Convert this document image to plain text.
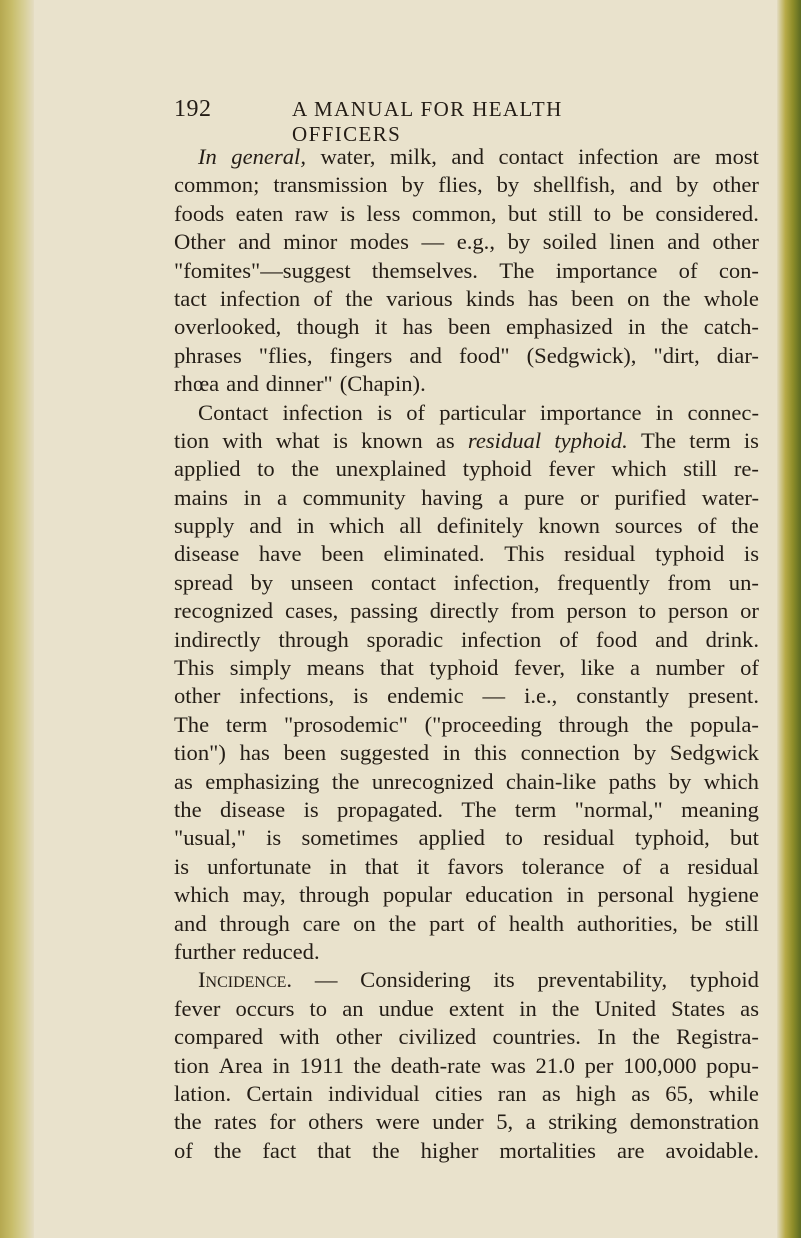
192	A MANUAL FOR HEALTH OFFICERS
In general, water, milk, and contact infection are most
common; transmission by flies, by shellfish, and by other
foods eaten raw is less common, but still to be considered.
Other and minor modes — e.g., by soiled linen and other
"fomites"—suggest themselves. The importance of con-
tact infection of the various kinds has been on the whole
overlooked, though it has been emphasized in the catch-
phrases "flies, fingers and food" (Sedgwick), "dirt, diar-
rhœa and dinner" (Chapin).
Contact infection is of particular importance in connec-
tion with what is known as residual typhoid. The term is
applied to the unexplained typhoid fever which still re-
mains in a community having a pure or purified water-
supply and in which all definitely known sources of the
disease have been eliminated. This residual typhoid is
spread by unseen contact infection, frequently from un-
recognized cases, passing directly from person to person or
indirectly through sporadic infection of food and drink.
This simply means that typhoid fever, like a number of
other infections, is endemic — i.e., constantly present.
The term "prosodemic" ("proceeding through the popula-
tion") has been suggested in this connection by Sedgwick
as emphasizing the unrecognized chain-like paths by which
the disease is propagated. The term "normal," meaning
"usual," is sometimes applied to residual typhoid, but
is unfortunate in that it favors tolerance of a residual
which may, through popular education in personal hygiene
and through care on the part of health authorities, be still
further reduced.
Incidence. — Considering its preventability, typhoid
fever occurs to an undue extent in the United States as
compared with other civilized countries. In the Registra-
tion Area in 1911 the death-rate was 21.0 per 100,000 popu-
lation. Certain individual cities ran as high as 65, while
the rates for others were under 5, a striking demonstration
of the fact that the higher mortalities are avoidable.
